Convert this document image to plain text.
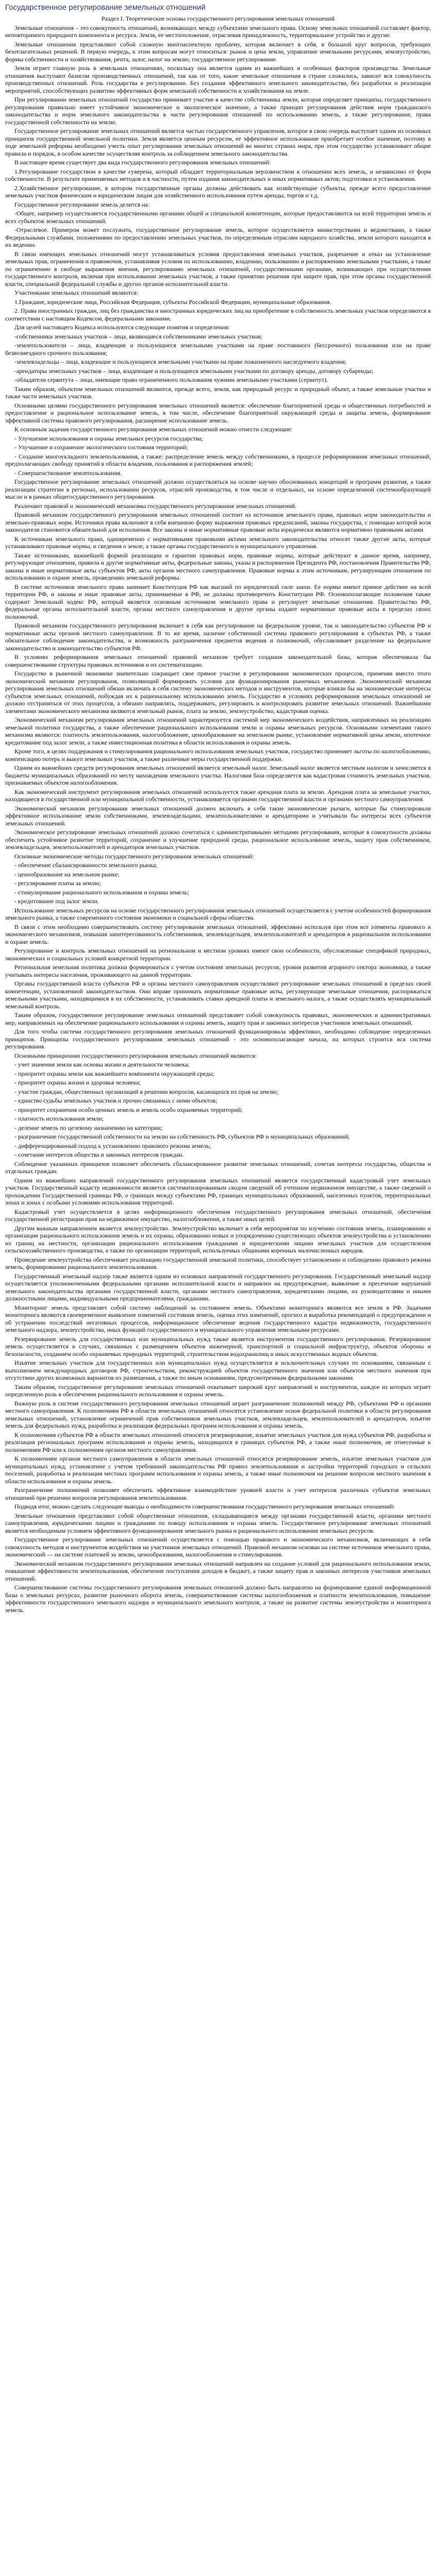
Государственное регулирование земельных отношений

Раздел I. Теоретические основы государственного регулирования земельных отношений

Земельные отношения – это совокупность отношений, возникающих между субъектами земельного права. Основу земельных отношений составляет фактор, неповторимого природного компонента и ресурса. Земля, ее местоположение, отраслевая принадлежность, территориальное устройство и другие.

Земельные отношения представляют собой сложную многоаспектную проблему, которая включает в себя, в большой круг вопросов, требующих безотлагательных решений. В первую очередь, к этим вопросам могут относиться: рынок и цена земли, управление земельными ресурсами, землеустройство, формы собственности и хозяйствования, рента, залог, налог на землю, государственное регулирование.

Земля играет главную роль в земельных отношениях, поскольку она является одним из важнейших и особенных факторов производства. Земельные отношения выступают базисом производственных отношений, так как от того, какие земельные отношения в стране сложились, зависит вся совокупность производственных отношений. Роль государства в регулировании. Без создания эффективного земельного законодательства, без разработки и реализации мероприятий, способствующих развитию эффективных форм земельной собственности и хозяйствования на земле.

При регулировании земельных отношений государство принимает участие в качестве собственника земли, которая определяет принципы, государственного регулирования правильно имеет устойчивое экономическое и экологическое значение, а также принцип регулирования действия норм гражданского законодательства и норм земельного законодательства в части регулирования отношений по использованию земель, а также регулирование, права государственной собственности на землю.

Государственное регулирование земельных отношений является частью государственного управления, которое в свою очередь выступает одним из основных принципов государственной земельной политики. Земля является ценным ресурсом, ее эффективное использование приобретает особое значение, поэтому в ходе земельной реформы необходимо учесть опыт регулирования земельных отношений во многих странах мира, при этом государство устанавливает общие правила и порядок, в особом качестве осуществляя контроль за соблюдением земельного законодательства.

В настоящее время существует два вида государственного регулирования земельных отношений:

1.Регулирование государством в качестве суверена, который обладает территориальным верховенством в отношении всех земель, и независимо от форм собственности. В результате применяемых методов и в частности, путем издания законодательных и иных нормативных актов; подготовки и установлении.

2.Хозяйственное регулирование, в котором государственные органы должны действовать как хозяйствующие субъекты, прежде всего предоставление земельных участков физическим и юридическим лицам для хозяйственного использования путем аренды, торгов и т.д.

Государственное регулирование земель делится на:

-Общее, например осуществляется государственными органами общей и специальной компетенции, которые предоставляются на всей территории земель и всех субъектов земельных отношений.

-Отраслевое. Примером может послужить, государственное регулирование земель, которое осуществляется министерствами и ведомствами, а также Федеральными службами, положениями по предоставлению земельных участков, по определенным отраслям народного хозяйства, земли которого находятся в их ведении.

В связи имеющих земельных отношений могут устанавливаться условия предоставления земельных участков, разрешение и отказ на установление земельных прав, ограничения и правомочия, устанавливая условия по использованию, владению, пользованию и распоряжению земельными участками, а также по ограничению в свободе выражения мнения, регулированию земельных отношений, государственными органами, возникающих при осуществлении государственного контроля, включая при использовании земельных участков, а также принятию решения при защите прав, при этом органы государственной власти, специальной федеральной службы и других органов исполнительной власти.

Участниками земельных отношений являются:

1.Граждане, юридические лица, Российская Федерация, субъекты Российской Федерации, муниципальные образования.

2. Права иностранных граждан, лиц без гражданства и иностранных юридических лиц на приобретение в собственность земельных участков определяются в соответствии с настоящим Кодексом, федеральными законами.

Для целей настоящего Кодекса используются следующие понятия и определения:

-собственники земельных участков – лица, являющиеся собственниками земельных участков;

-землепользователи – лица, владеющие и пользующиеся земельными участками на праве постоянного (бессрочного) пользования или на праве безвозмездного срочного пользования;

-землевладельцы – лица, владеющие и пользующиеся земельными участками на праве пожизненного наследуемого владения;

-арендаторы земельных участков – лица, владеющие и пользующиеся земельными участками по договору аренды, договору субаренды;

-обладатели сервитута – лица, имеющие право ограниченного пользования чужими земельными участками (сервитут).

Таким образом, объектом земельных отношений являются, прежде всего, земля, как природный ресурс и природный объект, а также земельные участки и также части земельных участков.

Основными целями государственного регулирования земельных отношений является: обеспечение благоприятной среды и общественных потребностей и предоставление и рациональное использование земель, в том числе, обеспечение благоприятной окружающей среды и защиты земель, формирование эффективной системы правового регулирования, расширение использование земель.

К основным задачам государственного регулирования земельных отношений можно отнести следующие:

- Улучшение использования и охраны земельных ресурсов государства;

- Улучшение и сохранение экологического состояния территорий;

- Создание многоукладного землепользования, а также: распределение земель между собственниками, в процессе реформирования земельных отношений, предполагающих свободу принятий в области владения, пользования и распоряжения землей;

- Совершенствование землепользования.

Государственное регулирование земельных отношений должно осуществляться на основе научно обоснованных концепций и программ развития, а также реализации стратегии в регионах, использовании ресурсов, отраслей производства, в том числе и отдельных, на основе определенной системообразующей мысли и в рамках общегосударственного регулирования.

Различают правовой и экономический механизмы государственного регулирования земельных отношений.

Правовой механизм государственного регулирования земельных отношений состоит из источников земельного права, правовых норм законодательства и земельно-правовых норм. Источники права включают в себя внешнюю форму выражения правовых предписаний, законы государства, с помощью которой воля законодателя становится обязательной для исполнения. Все законы и иные нормативные правовые акты юридически являются нормативно правовыми актами.

К источникам земельного права, одновременно с нормативными правовыми актами земельного законодательства относят также другие акты, которые устанавливают правовые нормы, и сведения о земле, а также органы государственного и муниципального управления.

Также источниками, важнейшей формой реализации и гарантии правовых норм, правовые нормы, которые действуют в данное время, например, регулирующие отношения, правила и другие нормативные акты, федеральные законы, указы и распоряжения Президента РФ, постановления Правительства РФ, законы и иные нормативные акты субъектов РФ, акты органов местного самоуправления. Правовые нормы к этим источникам, регулирующим отношения по использованию и охране земель, проведению земельной реформы.

В системе источников земельного права занимает Конституция РФ как высший по юридической силе закон. Ее нормы имеют прямое действие на всей территории РФ, и законы и иные правовые акты, принимаемые в РФ, не должны противоречить Конституции РФ. Основополагающие положения также содержит Земельный кодекс РФ, который является основным источником земельного права и регулирует земельные отношения. Правительство РФ, федеральные органы исполнительной власти, органы местного самоуправления и другие органы издают нормативные правовые акты в пределах своих полномочий.

Правовой механизм государственного регулирования включает в себя как регулирование на федеральном уровне, так и законодательство субъектов РФ и нормативные акты органов местного самоуправления. В то же время, наличие собственной системы правового регулирования в субъектах РФ, а также обязательное соблюдение законодательства, и возможность разграничения предметов ведения и полномочий, обуславливает разделение на федеральное законодательство и законодательство субъектов РФ.

В условиях реформирования земельных отношений правовой механизм требует создания законодательной базы, которая обеспечивала бы совершенствование структуры правовых источников и их систематизацию.

Государство в рыночной экономике значительно сокращает свое прямое участие в регулировании экономических процессов, применяя вместо этого экономический механизм регулирования, позволяющий формировать условия для функционирования рыночных механизмов. Экономический механизм регулирования земельных отношений обязан включать в себя систему экономических методов и инструментов, которые влияли бы на экономические интересы субъектов земельных отношений, побуждая их к рациональному использованию земель. Государство в условиях реформирования земельных отношений не должно отстраняться от этих процессов, а обязано направлять, поддерживать, регулировать и контролировать развитие земельных отношений. Важнейшими элементами экономического механизма являются земельный рынок, плата за землю, землеустройство, кадастровая оценка.

Экономический механизм регулирования земельных отношений характеризуется системой мер экономического воздействия, направленных на реализацию земельной политики государства, а также обеспечение рационального использования земли и охраны земельных ресурсов. Основными элементами такого механизма являются: платность землепользования, налогообложение, ценообразование на земельном рынке, установление нормативной цены земли, ипотечное кредитование под залог земли, а также инвестиционная политика в области использования и охраны земель.

Кроме того, в целях поддержания и стимулирования рационального использования земельных участков, государство применяет льготы по налогообложению, компенсацию потерь и выкуп земельных участков, а также различные меры государственной поддержки.

Одним из важнейших средств регулирования земельных отношений является земельный налог. Земельный налог является местным налогом и зачисляется в бюджеты муниципальных образований по месту нахождения земельного участка. Налоговая база определяется как кадастровая стоимость земельных участков, признаваемых объектом налогообложения.

Как экономический инструмент регулирования земельных отношений используется также арендная плата за землю. Арендная плата за земельные участки, находящиеся в государственной или муниципальной собственности, устанавливается органами государственной власти и органами местного самоуправления.

Экономический механизм регулирования земельных отношений должен включать в себя такие экономические рычаги, которые бы стимулировали эффективное использование земли собственниками, землевладельцами, землепользователями и арендаторами и учитывали бы интересы всех субъектов земельных отношений.

Экономическое регулирование земельных отношений должно сочетаться с административными методами регулирования, которые в совокупности должны обеспечить устойчивое развитие территорий, сохранение и улучшение природной среды, рациональное использование земель, защиту прав собственников, землевладельцев, землепользователей и арендаторов земельных участков.

Основные экономические методы государственного регулирования земельных отношений:

- обеспечение сбалансированности земельного рынка;

- ценообразование на земельном рынке;

- регулирование платы за землю;

- стимулирование рационального использования и охраны земель;

- кредитование под залог земли.

Использование земельных ресурсов на основе государственного регулирования земельных отношений осуществляется с учетом особенностей формирования земельного рынка, а также современного состояния экономики и социальной сферы общества.

В связи с этим необходимо совершенствовать систему регулирования земельных отношений, эффективно используя при этом все элементы правового и экономического механизмов, повышая заинтересованность собственников, землевладельцев, землепользователей и арендаторов в рациональном использовании и охране земель.

Регулирование и контроль земельных отношений на региональном и местном уровнях имеют свои особенности, обусловленные спецификой природных, экономических и социальных условий конкретной территории.

Региональная земельная политика должна формироваться с учетом состояния земельных ресурсов, уровня развития аграрного сектора экономики, а также учитывать интересы населения, проживающего на данной территории.

Органы государственной власти субъектов РФ и органы местного самоуправления осуществляют регулирование земельных отношений в пределах своей компетенции, установленной законодательством. Они вправе принимать нормативные правовые акты, регулирующие земельные отношения, распоряжаться земельными участками, находящимися в их собственности, устанавливать ставки арендной платы и земельного налога, а также осуществлять муниципальный земельный контроль.

Таким образом, государственное регулирование земельных отношений представляет собой совокупность правовых, экономических и административных мер, направленных на обеспечение рационального использования и охраны земель, защиту прав и законных интересов участников земельных отношений.

Для того чтобы система государственного регулирования земельных отношений функционировала эффективно, необходимо соблюдение определенных принципов. Принципы государственного регулирования земельных отношений - это основополагающие начала, на которых строится вся система регулирования.

Основными принципами государственного регулирования земельных отношений являются:

- учет значения земли как основы жизни и деятельности человека;

- приоритет охраны земли как важнейшего компонента окружающей среды;

- приоритет охраны жизни и здоровья человека;

- участие граждан, общественных организаций в решении вопросов, касающихся их прав на землю;

- единство судьбы земельных участков и прочно связанных с ними объектов;

- приоритет сохранения особо ценных земель и земель особо охраняемых территорий;

- платность использования земли;

- деление земель по целевому назначению на категории;

- разграничение государственной собственности на землю на собственность РФ, субъектов РФ и муниципальных образований;

- дифференцированный подход к установлению правового режима земель;

- сочетание интересов общества и законных интересов граждан.

Соблюдение указанных принципов позволяет обеспечить сбалансированное развитие земельных отношений, сочетая интересы государства, общества и отдельных граждан.

Одним из важнейших направлений государственного регулирования земельных отношений является государственный кадастровый учет земельных участков. Государственный кадастр недвижимости является систематизированным сводом сведений об учтенном недвижимом имуществе, а также сведений о прохождении Государственной границы РФ, о границах между субъектами РФ, границах муниципальных образований, населенных пунктов, территориальных зонах и зонах с особыми условиями использования территорий.

Кадастровый учет осуществляется в целях информационного обеспечения государственного регулирования земельных отношений, обеспечения государственной регистрации прав на недвижимое имущество, налогообложения, а также иных целей.

Другим важным направлением является землеустройство. Землеустройство включает в себя мероприятия по изучению состояния земель, планированию и организации рационального использования земель и их охраны, образованию новых и упорядочению существующих объектов землеустройства и установлению их границ на местности, организации рационального использования гражданами и юридическими лицами земельных участков для осуществления сельскохозяйственного производства, а также по организации территорий, используемых общинами коренных малочисленных народов.

Проведение землеустройства обеспечивает реализацию государственной земельной политики, способствует установлению и соблюдению правового режима земель, формированию рационального землепользования.

Государственный земельный надзор также является одним из основных направлений государственного регулирования. Государственный земельный надзор осуществляется уполномоченными федеральными органами исполнительной власти и направлен на предупреждение, выявление и пресечение нарушений земельного законодательства органами государственной власти, органами местного самоуправления, юридическими лицами, их руководителями и иными должностными лицами, индивидуальными предпринимателями, гражданами.

Мониторинг земель представляет собой систему наблюдений за состоянием земель. Объектами мониторинга являются все земли в РФ. Задачами мониторинга являются своевременное выявление изменений состояния земель, оценка этих изменений, прогноз и выработка рекомендаций о предупреждении и об устранении последствий негативных процессов, информационное обеспечение ведения государственного кадастра недвижимости, государственного земельного надзора, землеустройства, иных функций государственного и муниципального управления земельными ресурсами.

Резервирование земель для государственных или муниципальных нужд также является инструментом государственного регулирования. Резервирование земель осуществляется в случаях, связанных с размещением объектов инженерной, транспортной и социальной инфраструктур, объектов обороны и безопасности, созданием особо охраняемых природных территорий, строительством водохранилищ и иных искусственных водных объектов.

Изъятие земельных участков для государственных или муниципальных нужд осуществляется в исключительных случаях по основаниям, связанным с выполнением международных договоров РФ, строительством, реконструкцией объектов государственного значения или объектов местного значения при отсутствии других возможных вариантов их размещения, а также по иным основаниям, предусмотренным федеральными законами.

Таким образом, государственное регулирование земельных отношений охватывает широкий круг направлений и инструментов, каждое из которых играет определенную роль в обеспечении рационального использования и охраны земель.

Важную роль в системе государственного регулирования земельных отношений играет разграничение полномочий между РФ, субъектами РФ и органами местного самоуправления. К полномочиям РФ в области земельных отношений относятся установление основ федеральной политики в области регулирования земельных отношений, установление ограничений прав собственников земельных участков, землевладельцев, землепользователей и арендаторов, изъятие земель для федеральных нужд, разработка и реализация федеральных программ использования и охраны земель.

К полномочиям субъектов РФ в области земельных отношений относятся резервирование, изъятие земельных участков для нужд субъектов РФ, разработка и реализация региональных программ использования и охраны земель, находящихся в границах субъектов РФ, а также иные полномочия, не отнесенные к полномочиям РФ или к полномочиям органов местного самоуправления.

К полномочиям органов местного самоуправления в области земельных отношений относятся резервирование земель, изъятие земельных участков для муниципальных нужд, установление с учетом требований законодательства РФ правил землепользования и застройки территорий городских и сельских поселений, разработка и реализация местных программ использования и охраны земель, а также иные полномочия на решение вопросов местного значения в области использования и охраны земель.

Разграничение полномочий позволяет обеспечить эффективное взаимодействие уровней власти и учет интересов различных субъектов земельных отношений при решении вопросов регулирования землепользования.

Подводя итог, можно сделать следующие выводы о необходимости совершенствования государственного регулирования земельных отношений:

Земельные отношения представляют собой общественные отношения, складывающиеся между органами государственной власти, органами местного самоуправления, юридическими лицами и гражданами по поводу использования и охраны земель. Государственное регулирование земельных отношений является необходимым условием эффективного функционирования земельного рынка и рационального использования земельных ресурсов.

Государственное регулирование земельных отношений осуществляется с помощью правового и экономического механизмов, включающих в себя совокупность методов и инструментов воздействия на участников земельных отношений. Правовой механизм основан на системе источников земельного права, экономический — на системе платежей за землю, ценообразования, налогообложения и стимулирования.

Экономический механизм государственного регулирования земельных отношений направлен на создание условий для рационального использования земли, повышение эффективности землепользования, обеспечение поступления доходов в бюджет, а также защиту прав и законных интересов участников земельных отношений.

Совершенствование системы государственного регулирования земельных отношений должно быть направлено на формирование единой информационной базы о земельных ресурсах, развитие рыночного оборота земель, совершенствование системы налогообложения и платности землепользования, повышение эффективности государственного земельного надзора и муниципального земельного контроля, а также на развитие системы землеустройства и мониторинга земель.
